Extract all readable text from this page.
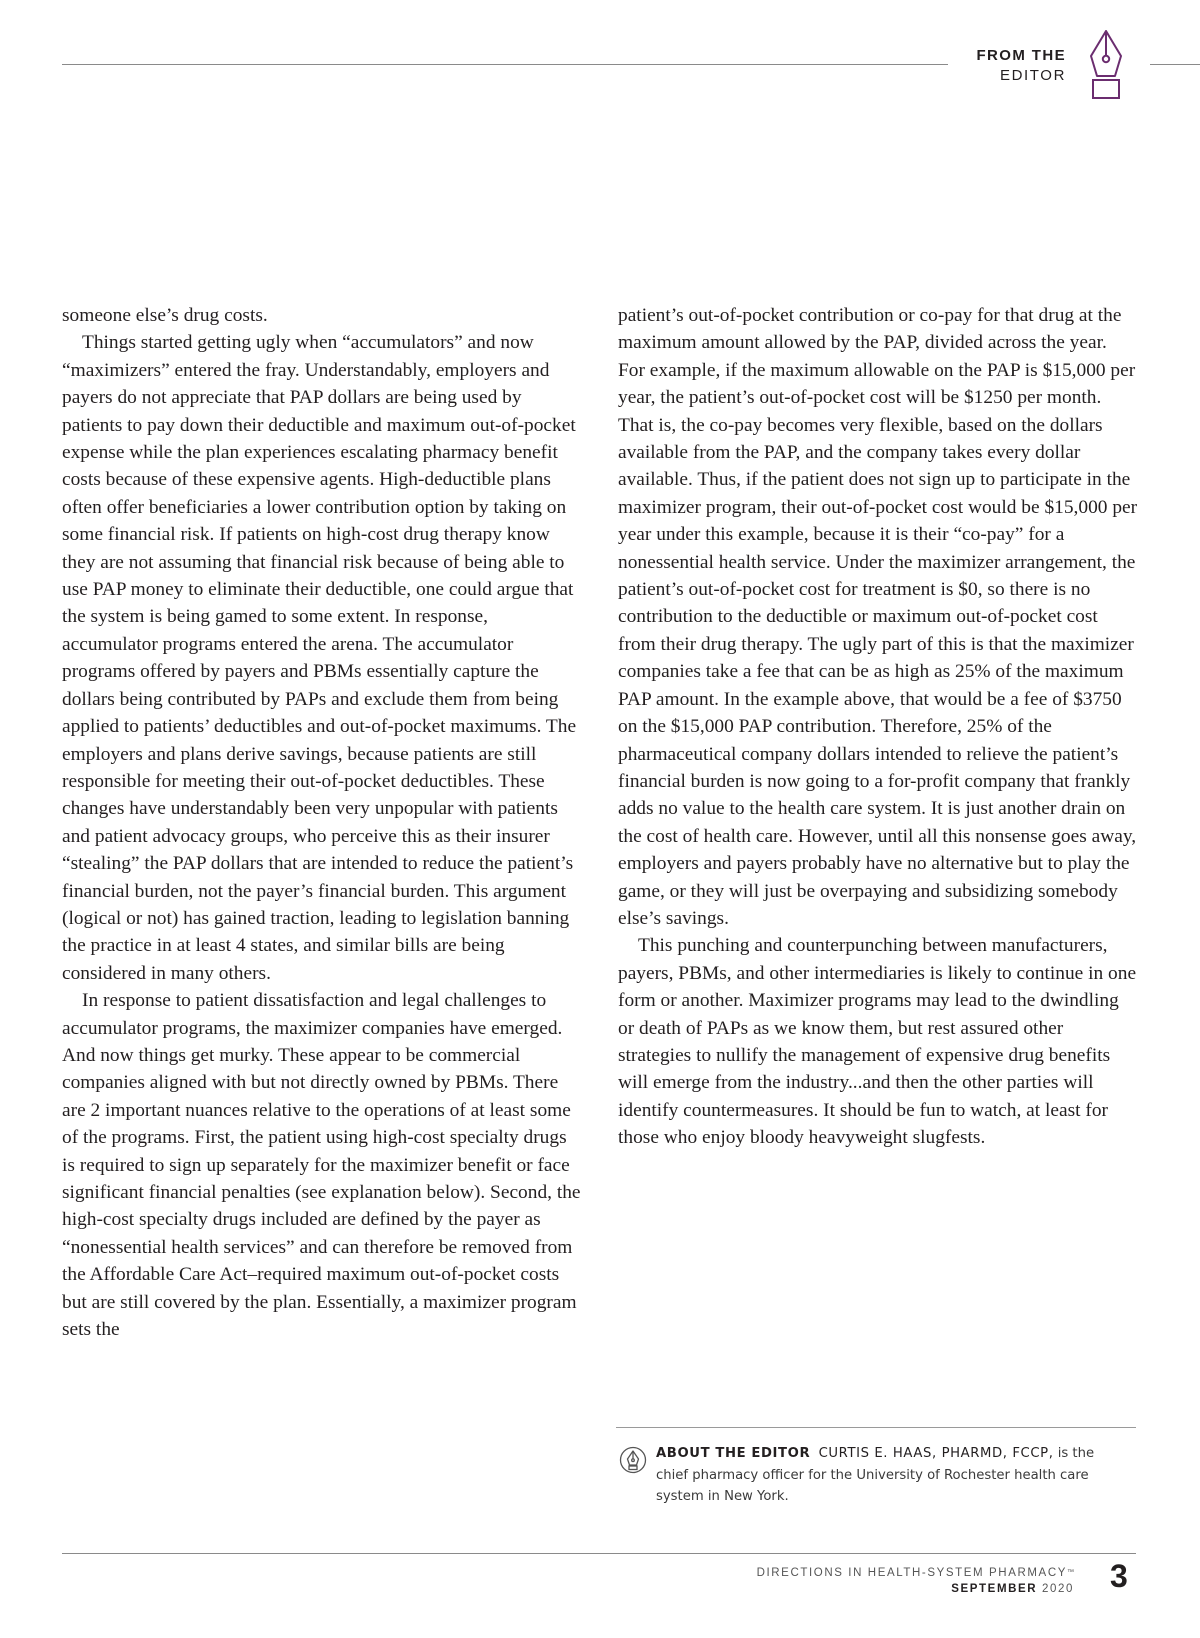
FROM THE
EDITOR

someone else’s drug costs.

Things started getting ugly when “accumulators” and now “maximizers” entered the fray. Understandably, employers and payers do not appreciate that PAP dollars are being used by patients to pay down their deductible and maximum out-of-pocket expense while the plan experiences escalating pharmacy benefit costs because of these expensive agents. High-deductible plans often offer beneficiaries a lower contribution option by taking on some financial risk. If patients on high-cost drug therapy know they are not assuming that financial risk because of being able to use PAP money to eliminate their deductible, one could argue that the system is being gamed to some extent. In response, accumulator programs entered the arena. The accumulator programs offered by payers and PBMs essentially capture the dollars being contributed by PAPs and exclude them from being applied to patients’ deductibles and out-of-pocket maximums. The employers and plans derive savings, because patients are still responsible for meeting their out-of-pocket deductibles. These changes have understandably been very unpopular with patients and patient advocacy groups, who perceive this as their insurer “stealing” the PAP dollars that are intended to reduce the patient’s financial burden, not the payer’s financial burden. This argument (logical or not) has gained traction, leading to legislation banning the practice in at least 4 states, and similar bills are being considered in many others.

In response to patient dissatisfaction and legal challenges to accumulator programs, the maximizer companies have emerged. And now things get murky. These appear to be commercial companies aligned with but not directly owned by PBMs. There are 2 important nuances relative to the operations of at least some of the programs. First, the patient using high-cost specialty drugs is required to sign up separately for the maximizer benefit or face significant financial penalties (see explanation below). Second, the high-cost specialty drugs included are defined by the payer as “nonessential health services” and can therefore be removed from the Affordable Care Act–required maximum out-of-pocket costs but are still covered by the plan. Essentially, a maximizer program sets the

patient’s out-of-pocket contribution or co-pay for that drug at the maximum amount allowed by the PAP, divided across the year. For example, if the maximum allowable on the PAP is $15,000 per year, the patient’s out-of-pocket cost will be $1250 per month. That is, the co-pay becomes very flexible, based on the dollars available from the PAP, and the company takes every dollar available. Thus, if the patient does not sign up to participate in the maximizer program, their out-of-pocket cost would be $15,000 per year under this example, because it is their “co-pay” for a nonessential health service. Under the maximizer arrangement, the patient’s out-of-pocket cost for treatment is $0, so there is no contribution to the deductible or maximum out-of-pocket cost from their drug therapy. The ugly part of this is that the maximizer companies take a fee that can be as high as 25% of the maximum PAP amount. In the example above, that would be a fee of $3750 on the $15,000 PAP contribution. Therefore, 25% of the pharmaceutical company dollars intended to relieve the patient’s financial burden is now going to a for-profit company that frankly adds no value to the health care system. It is just another drain on the cost of health care. However, until all this nonsense goes away, employers and payers probably have no alternative but to play the game, or they will just be overpaying and subsidizing somebody else’s savings.

This punching and counterpunching between manufacturers, payers, PBMs, and other intermediaries is likely to continue in one form or another. Maximizer programs may lead to the dwindling or death of PAPs as we know them, but rest assured other strategies to nullify the management of expensive drug benefits will emerge from the industry...and then the other parties will identify countermeasures. It should be fun to watch, at least for those who enjoy bloody heavyweight slugfests.

ABOUT THE EDITOR CURTIS E. HAAS, PHARMD, FCCP, is the chief pharmacy officer for the University of Rochester health care system in New York.
DIRECTIONS IN HEALTH-SYSTEM PHARMACY™
SEPTEMBER 2020 3
